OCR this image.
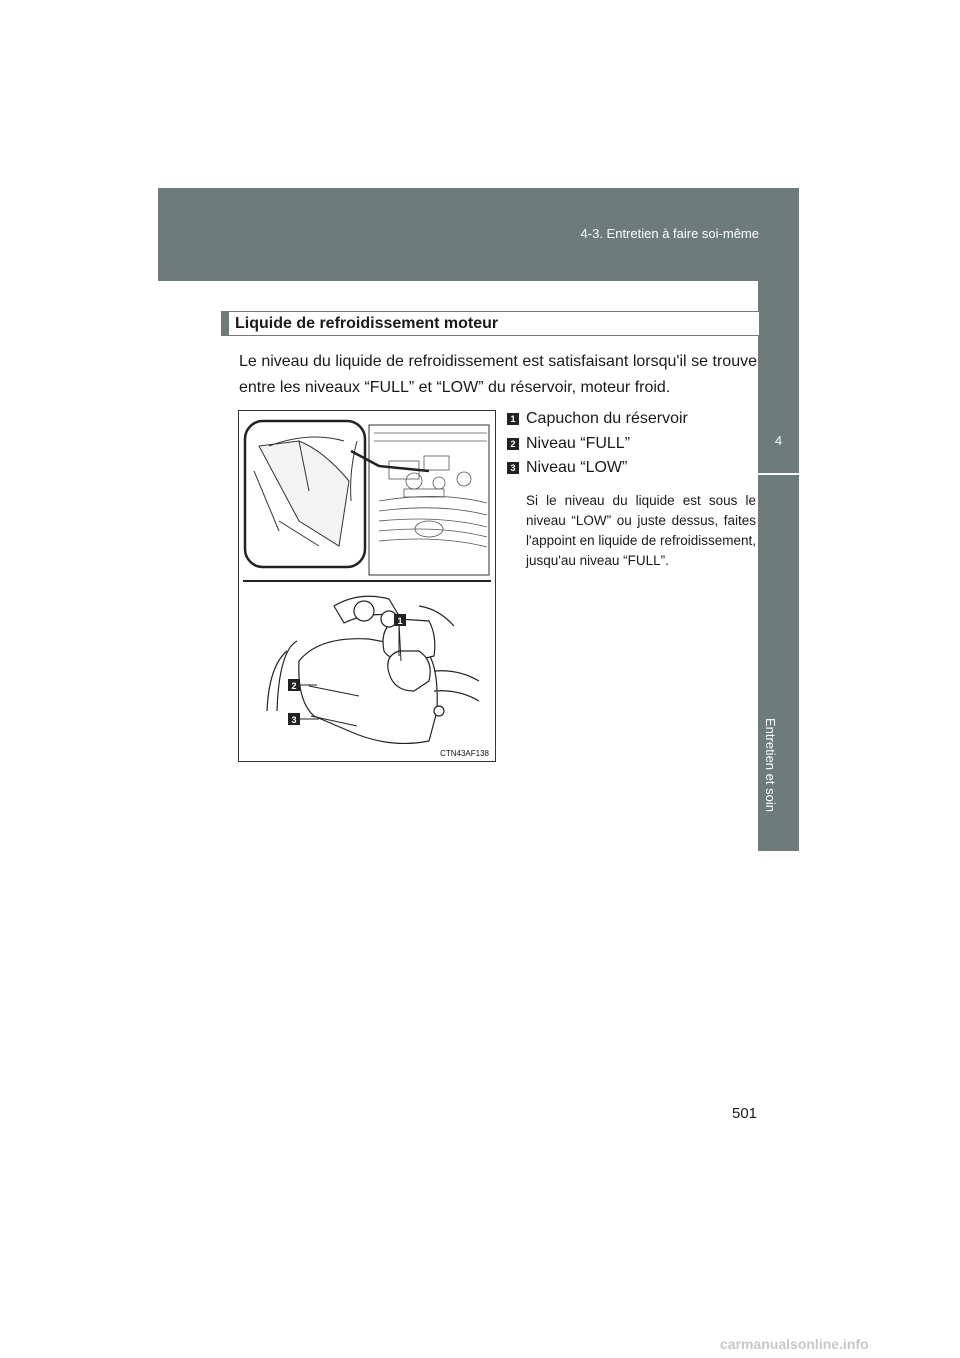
4-3. Entretien à faire soi-même
4
Entretien et soin
Liquide de refroidissement moteur
Le niveau du liquide de refroidissement est satisfaisant lorsqu'il se trouve entre les niveaux “FULL” et “LOW” du réservoir, moteur froid.
1
2
3
CTN43AF138
1 Capuchon du réservoir
2 Niveau “FULL”
3 Niveau “LOW”
Si le niveau du liquide est sous le niveau “LOW” ou juste dessus, faites l'appoint en liquide de refroidissement, jusqu'au niveau “FULL”.
501
carmanualsonline.info
